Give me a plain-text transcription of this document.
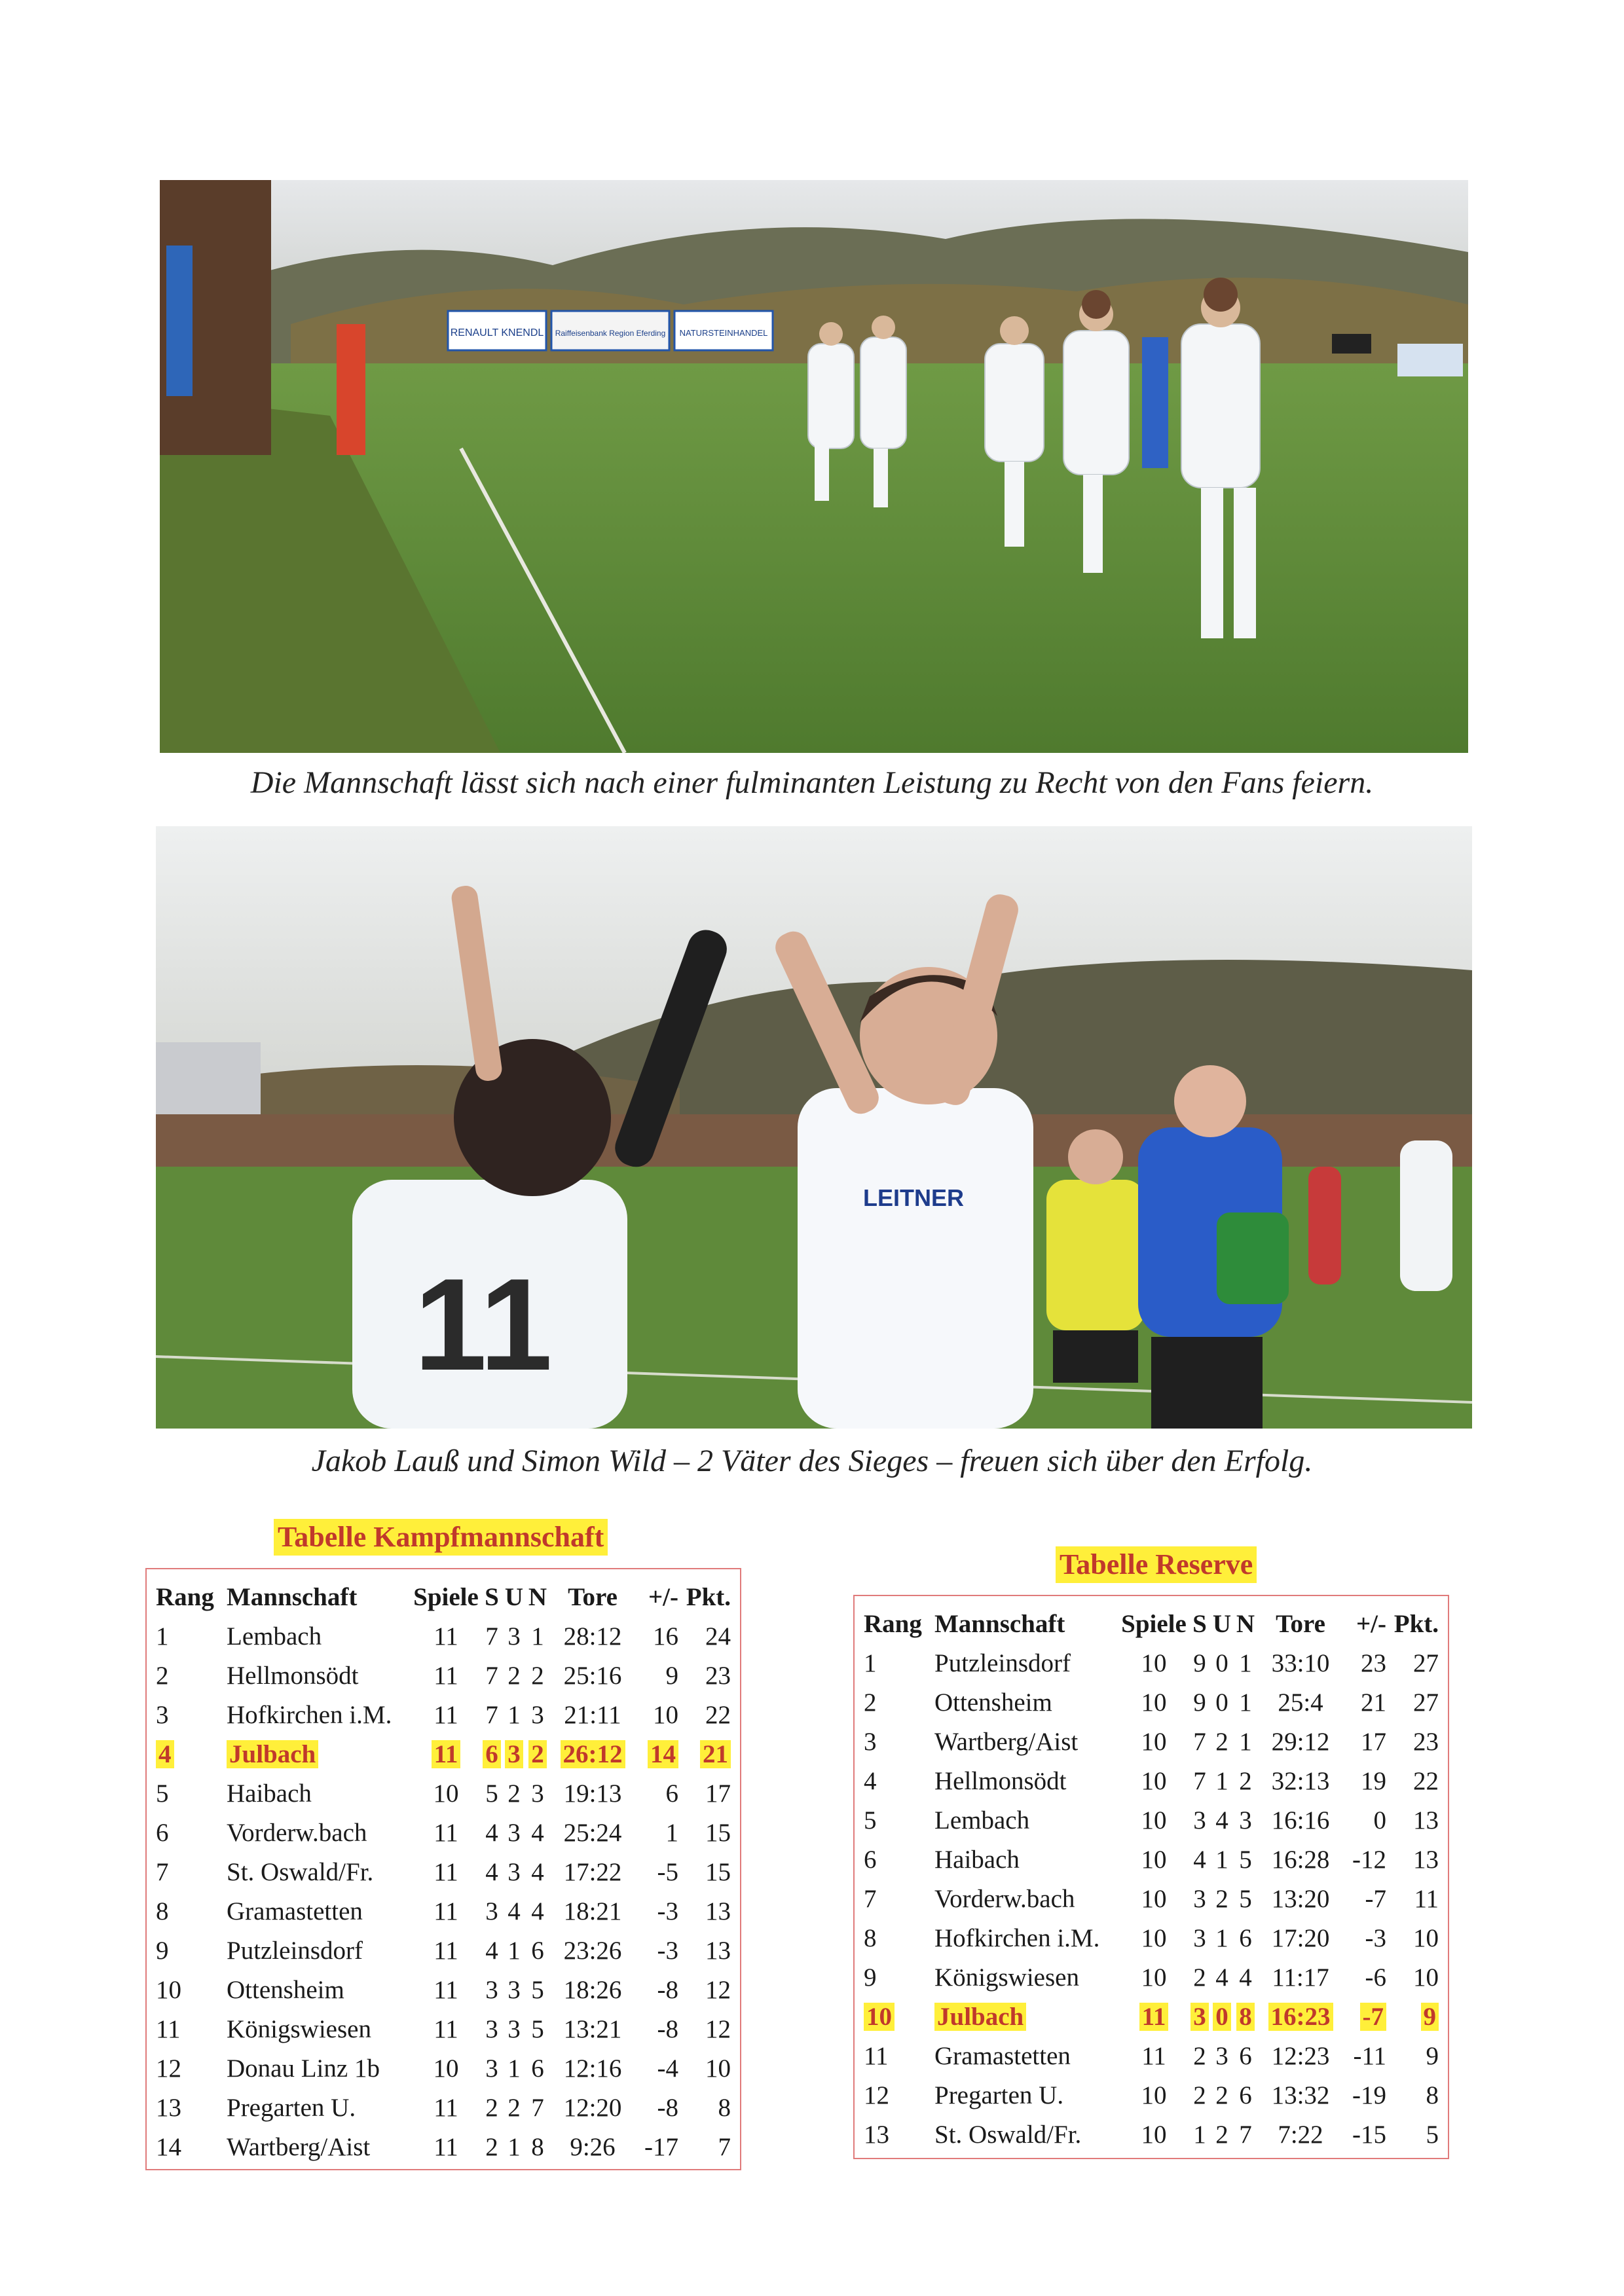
RENAULT KNENDL Raiffeisenbank Region Eferding NATURSTEINHANDEL
Die Mannschaft lässt sich nach einer fulminanten Leistung zu Recht von den Fans feiern.
11
LEITNER
Jakob Lauß und Simon Wild – 2 Väter des Sieges – freuen sich über den Erfolg.
Tabelle Kampfmannschaft
Rang	Mannschaft	Spiele	S	U	N	Tore	+/-	Pkt.
1	Lembach	11	7	3	1	28:12	16	24
2	Hellmonsödt	11	7	2	2	25:16	9	23
3	Hofkirchen i.M.	11	7	1	3	21:11	10	22
4	Julbach	11	6	3	2	26:12	14	21
5	Haibach	10	5	2	3	19:13	6	17
6	Vorderw.bach	11	4	3	4	25:24	1	15
7	St. Oswald/Fr.	11	4	3	4	17:22	-5	15
8	Gramastetten	11	3	4	4	18:21	-3	13
9	Putzleinsdorf	11	4	1	6	23:26	-3	13
10	Ottensheim	11	3	3	5	18:26	-8	12
11	Königswiesen	11	3	3	5	13:21	-8	12
12	Donau Linz 1b	10	3	1	6	12:16	-4	10
13	Pregarten U.	11	2	2	7	12:20	-8	8
14	Wartberg/Aist	11	2	1	8	9:26	-17	7
Tabelle Reserve
Rang	Mannschaft	Spiele	S	U	N	Tore	+/-	Pkt.
1	Putzleinsdorf	10	9	0	1	33:10	23	27
2	Ottensheim	10	9	0	1	25:4	21	27
3	Wartberg/Aist	10	7	2	1	29:12	17	23
4	Hellmonsödt	10	7	1	2	32:13	19	22
5	Lembach	10	3	4	3	16:16	0	13
6	Haibach	10	4	1	5	16:28	-12	13
7	Vorderw.bach	10	3	2	5	13:20	-7	11
8	Hofkirchen i.M.	10	3	1	6	17:20	-3	10
9	Königswiesen	10	2	4	4	11:17	-6	10
10	Julbach	11	3	0	8	16:23	-7	9
11	Gramastetten	11	2	3	6	12:23	-11	9
12	Pregarten U.	10	2	2	6	13:32	-19	8
13	St. Oswald/Fr.	10	1	2	7	7:22	-15	5
